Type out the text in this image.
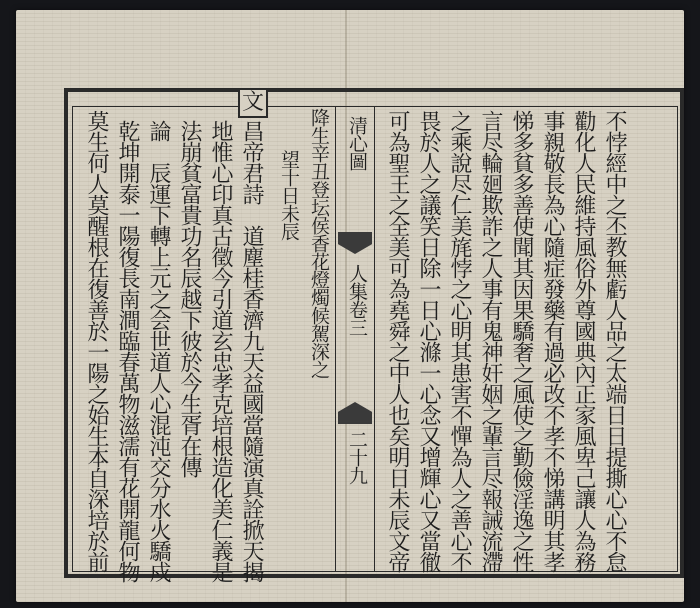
不悖經中之丕教無虧人品之太端日日提撕心心不怠
勸化人民維持風俗外尊國典內正家風卑己讓人為務
事親敬長為心隨症發藥有過必改不孝不悌講明其孝
悌多貧多善使聞其因果驕奢之風使之勤儉淫逸之性
言尽輪廻欺詐之人事有鬼神奸姻之輩言尽報誡流滯
之乘說尽仁美旄悖之心明其患害不憚為人之善心不
畏於人之議笑日除一日心滌一心念又增輝心又當徹
可為聖王之全美可為堯舜之中人也矣明日未辰文帝
清心圖
人集卷三
二十九
降生辛丑登坛侯香花燈燭候駕深之
望十日未辰
文
昌帝君詩　道塵桂香濟九天益國當隨演真詮掀天揭
地惟心印真古徵今引道玄忠孝克培根造化美仁義是
法崩貧富貴功名辰越下彼於今生胥在傳
論　辰運下轉上元之会世道人心混沌交分水火驕戍
乾坤開泰一陽復長南澗臨春萬物滋濡有花開龍何物
莫生何人莫醒根在復善於一陽之始生本自深培於前
